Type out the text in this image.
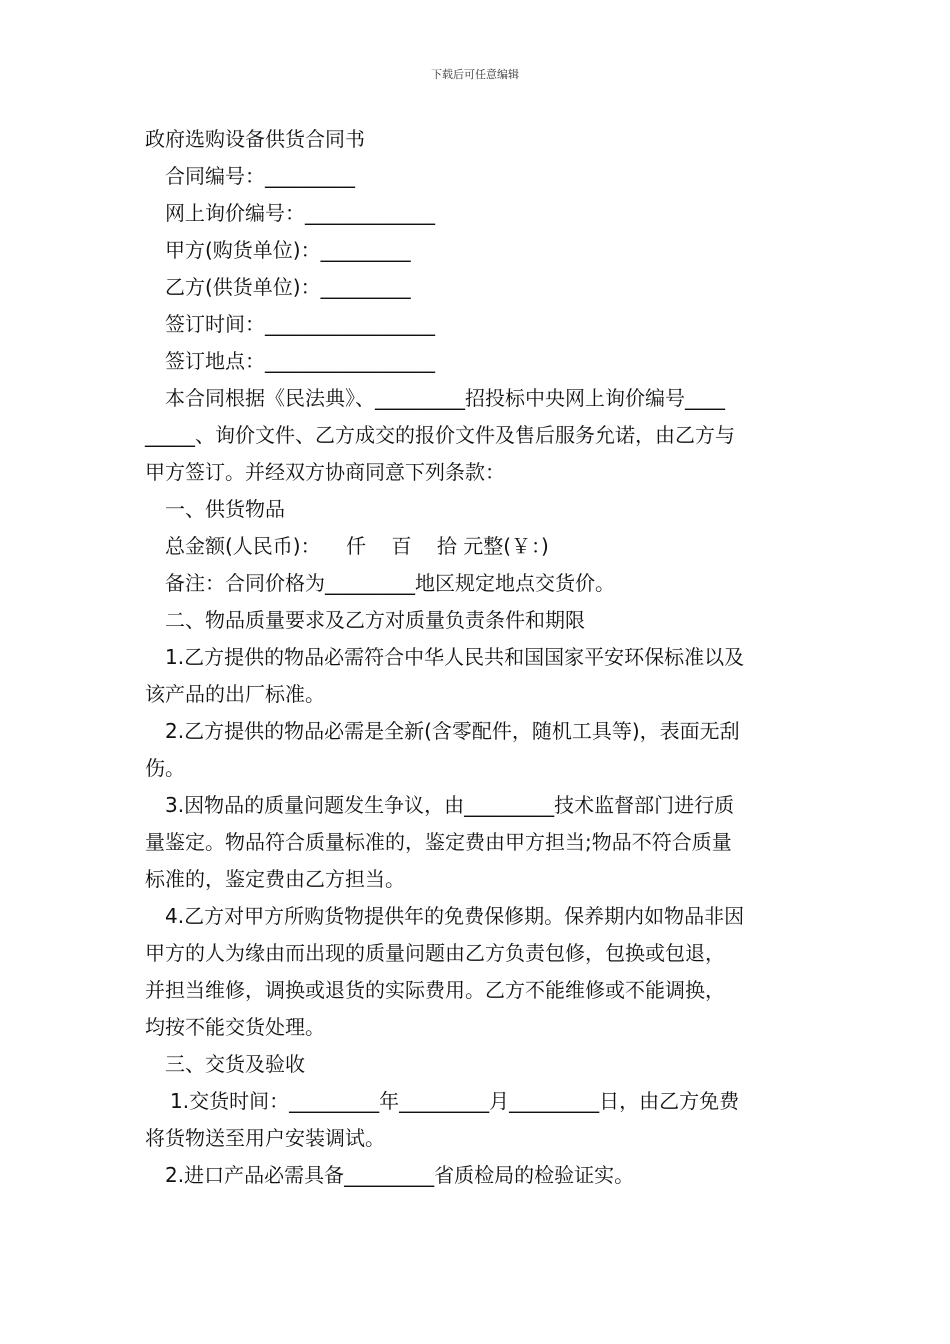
下载后可任意编辑
政府选购设备供货合同书
合同编号：_________
网上询价编号：_____________
甲方(购货单位)：_________
乙方(供货单位)：_________
签订时间：_________________
签订地点：_________________
本合同根据《民法典》、_________招投标中央网上询价编号____
_____、询价文件、乙方成交的报价文件及售后服务允诺，由乙方与
甲方签订。并经双方协商同意下列条款：
一、供货物品
总金额(人民币)：    仟    百    拾 元整(￥：)
备注：合同价格为_________地区规定地点交货价。
二、物品质量要求及乙方对质量负责条件和期限
1.乙方提供的物品必需符合中华人民共和国国家平安环保标准以及
该产品的出厂标准。
2.乙方提供的物品必需是全新(含零配件，随机工具等)，表面无刮
伤。
3.因物品的质量问题发生争议，由_________技术监督部门进行质
量鉴定。物品符合质量标准的，鉴定费由甲方担当;物品不符合质量
标准的，鉴定费由乙方担当。
4.乙方对甲方所购货物提供年的免费保修期。保养期内如物品非因
甲方的人为缘由而出现的质量问题由乙方负责包修，包换或包退，
并担当维修，调换或退货的实际费用。乙方不能维修或不能调换，
均按不能交货处理。
三、交货及验收
1.交货时间：_________年_________月_________日，由乙方免费
将货物送至用户安装调试。
2.进口产品必需具备_________省质检局的检验证实。
